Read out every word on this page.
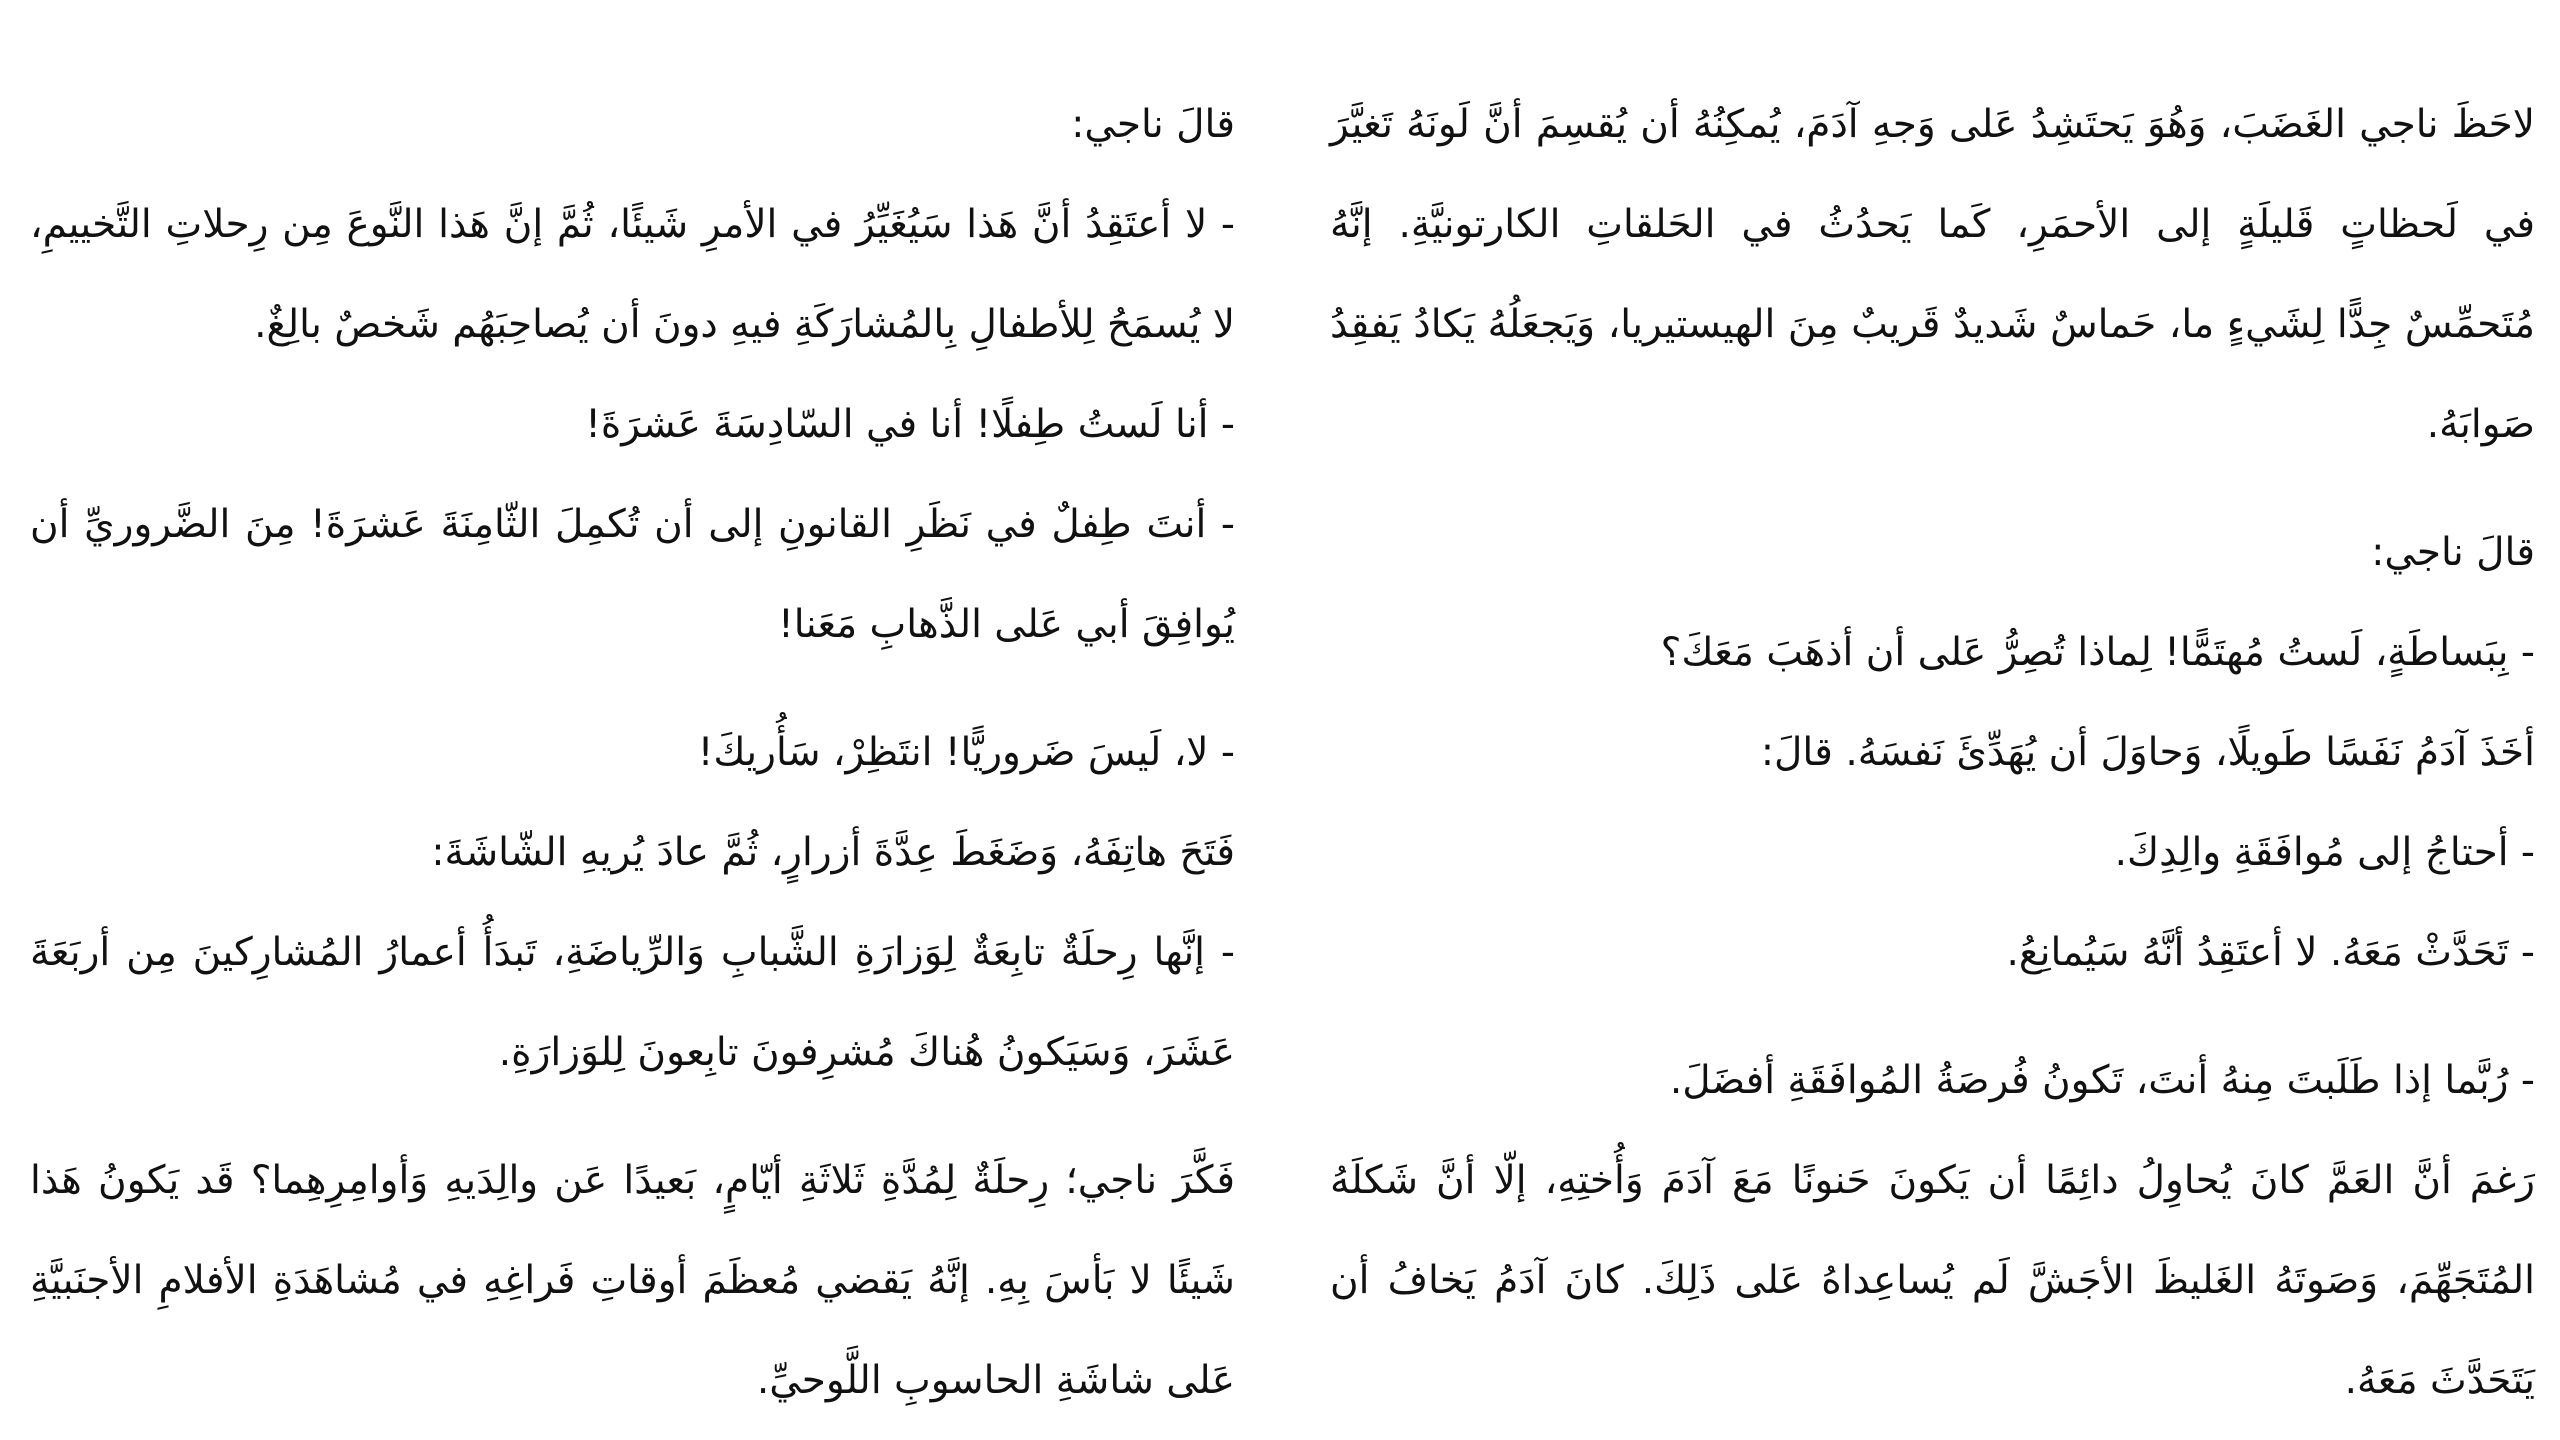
لاحَظَ ناجي الغَضَبَ، وَهُوَ يَحتَشِدُ عَلى وَجهِ آدَمَ، يُمكِنُهُ أن يُقسِمَ أنَّ لَونَهُ تَغيَّرَ في لَحظاتٍ قَليلَةٍ إلى الأحمَرِ، كَما يَحدُثُ في الحَلقاتِ الكارتونيَّةِ. إنَّهُ مُتَحمِّسٌ جِدًّا لِشَيءٍ ما، حَماسٌ شَديدٌ قَريبٌ مِنَ الهيستيريا، وَيَجعَلُهُ يَكادُ يَفقِدُ صَوابَهُ.

قالَ ناجي:

- بِبَساطَةٍ، لَستُ مُهتَمًّا! لِماذا تُصِرُّ عَلى أن أذهَبَ مَعَكَ؟

أخَذَ آدَمُ نَفَسًا طَويلًا، وَحاوَلَ أن يُهَدِّئَ نَفسَهُ. قالَ:

- أحتاجُ إلى مُوافَقَةِ والِدِكَ.

- تَحَدَّثْ مَعَهُ. لا أعتَقِدُ أنَّهُ سَيُمانِعُ.

- رُبَّما إذا طَلَبتَ مِنهُ أنتَ، تَكونُ فُرصَةُ المُوافَقَةِ أفضَلَ.

رَغمَ أنَّ العَمَّ كانَ يُحاوِلُ دائِمًا أن يَكونَ حَنونًا مَعَ آدَمَ وَأُختِهِ، إلّا أنَّ شَكلَهُ المُتَجَهِّمَ، وَصَوتَهُ الغَليظَ الأجَشَّ لَم يُساعِداهُ عَلى ذَلِكَ. كانَ آدَمُ يَخافُ أن يَتَحَدَّثَ مَعَهُ.

قالَ ناجي:

- لا أعتَقِدُ أنَّ هَذا سَيُغَيِّرُ في الأمرِ شَيئًا، ثُمَّ إنَّ هَذا النَّوعَ مِن رِحلاتِ التَّخييمِ، لا يُسمَحُ لِلأطفالِ بِالمُشارَكَةِ فيهِ دونَ أن يُصاحِبَهُم شَخصٌ بالِغٌ.

- أنا لَستُ طِفلًا! أنا في السّادِسَةَ عَشرَةَ!

- أنتَ طِفلٌ في نَظَرِ القانونِ إلى أن تُكمِلَ الثّامِنَةَ عَشرَةَ! مِنَ الضَّروريِّ أن يُوافِقَ أبي عَلى الذَّهابِ مَعَنا!

- لا، لَيسَ ضَروريًّا! انتَظِرْ، سَأُريكَ!

فَتَحَ هاتِفَهُ، وَضَغَطَ عِدَّةَ أزرارٍ، ثُمَّ عادَ يُريهِ الشّاشَةَ:

- إنَّها رِحلَةٌ تابِعَةٌ لِوَزارَةِ الشَّبابِ وَالرِّياضَةِ، تَبدَأُ أعمارُ المُشارِكينَ مِن أربَعَةَ عَشَرَ، وَسَيَكونُ هُناكَ مُشرِفونَ تابِعونَ لِلوَزارَةِ.

فَكَّرَ ناجي؛ رِحلَةٌ لِمُدَّةِ ثَلاثَةِ أيّامٍ، بَعيدًا عَن والِدَيهِ وَأوامِرِهِما؟ قَد يَكونُ هَذا شَيئًا لا بَأسَ بِهِ. إنَّهُ يَقضي مُعظَمَ أوقاتِ فَراغِهِ في مُشاهَدَةِ الأفلامِ الأجنَبيَّةِ عَلى شاشَةِ الحاسوبِ اللَّوحيِّ.
